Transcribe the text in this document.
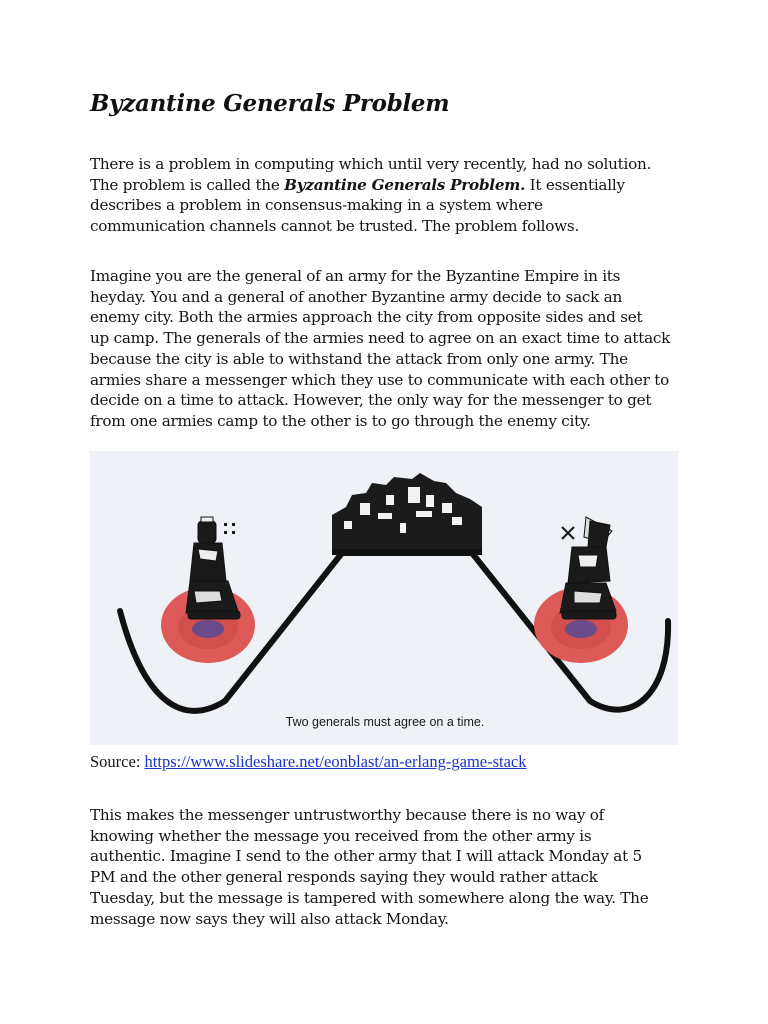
Byzantine Generals Problem

There is a problem in computing which until very recently, had no solution.
The problem is called the Byzantine Generals Problem. It essentially
describes a problem in consensus-making in a system where
communication channels cannot be trusted. The problem follows.

Imagine you are the general of an army for the Byzantine Empire in its
heyday. You and a general of another Byzantine army decide to sack an
enemy city. Both the armies approach the city from opposite sides and set
up camp. The generals of the armies need to agree on an exact time to attack
because the city is able to withstand the attack from only one army. The
armies share a messenger which they use to communicate with each other to
decide on a time to attack. However, the only way for the messenger to get
from one armies camp to the other is to go through the enemy city.

Two generals must agree on a time.

Source: https://www.slideshare.net/eonblast/an-erlang-game-stack

This makes the messenger untrustworthy because there is no way of
knowing whether the message you received from the other army is
authentic. Imagine I send to the other army that I will attack Monday at 5
PM and the other general responds saying they would rather attack
Tuesday, but the message is tampered with somewhere along the way. The
message now says they will also attack Monday.
